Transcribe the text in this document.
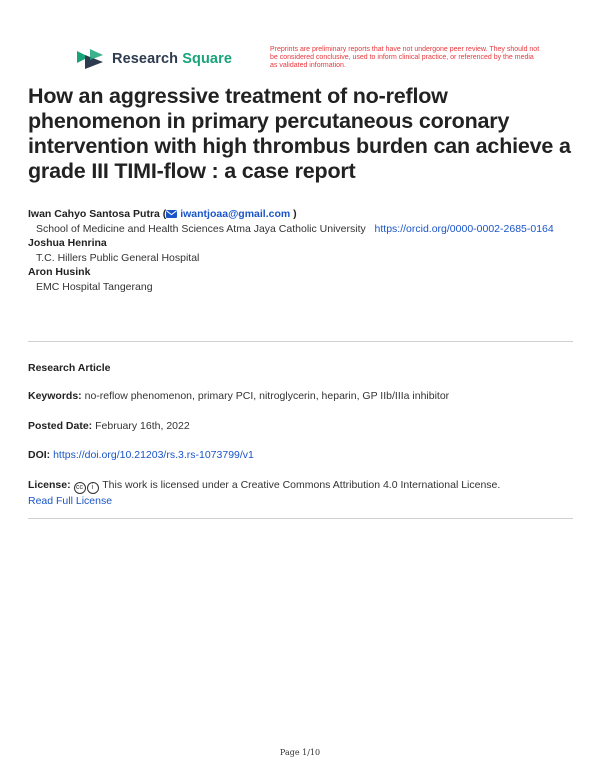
Research Square
Preprints are preliminary reports that have not undergone peer review. They should not be considered conclusive, used to inform clinical practice, or referenced by the media as validated information.
How an aggressive treatment of no-reflow phenomenon in primary percutaneous coronary intervention with high thrombus burden can achieve a grade III TIMI-flow : a case report
Iwan Cahyo Santosa Putra ( iwantjoaa@gmail.com )
School of Medicine and Health Sciences Atma Jaya Catholic University https://orcid.org/0000-0002-2685-0164
Joshua Henrina
T.C. Hillers Public General Hospital
Aron Husink
EMC Hospital Tangerang
Research Article
Keywords: no-reflow phenomenon, primary PCI, nitroglycerin, heparin, GP IIb/IIIa inhibitor
Posted Date: February 16th, 2022
DOI: https://doi.org/10.21203/rs.3.rs-1073799/v1
License: cc i This work is licensed under a Creative Commons Attribution 4.0 International License.
Read Full License
Page 1/10
